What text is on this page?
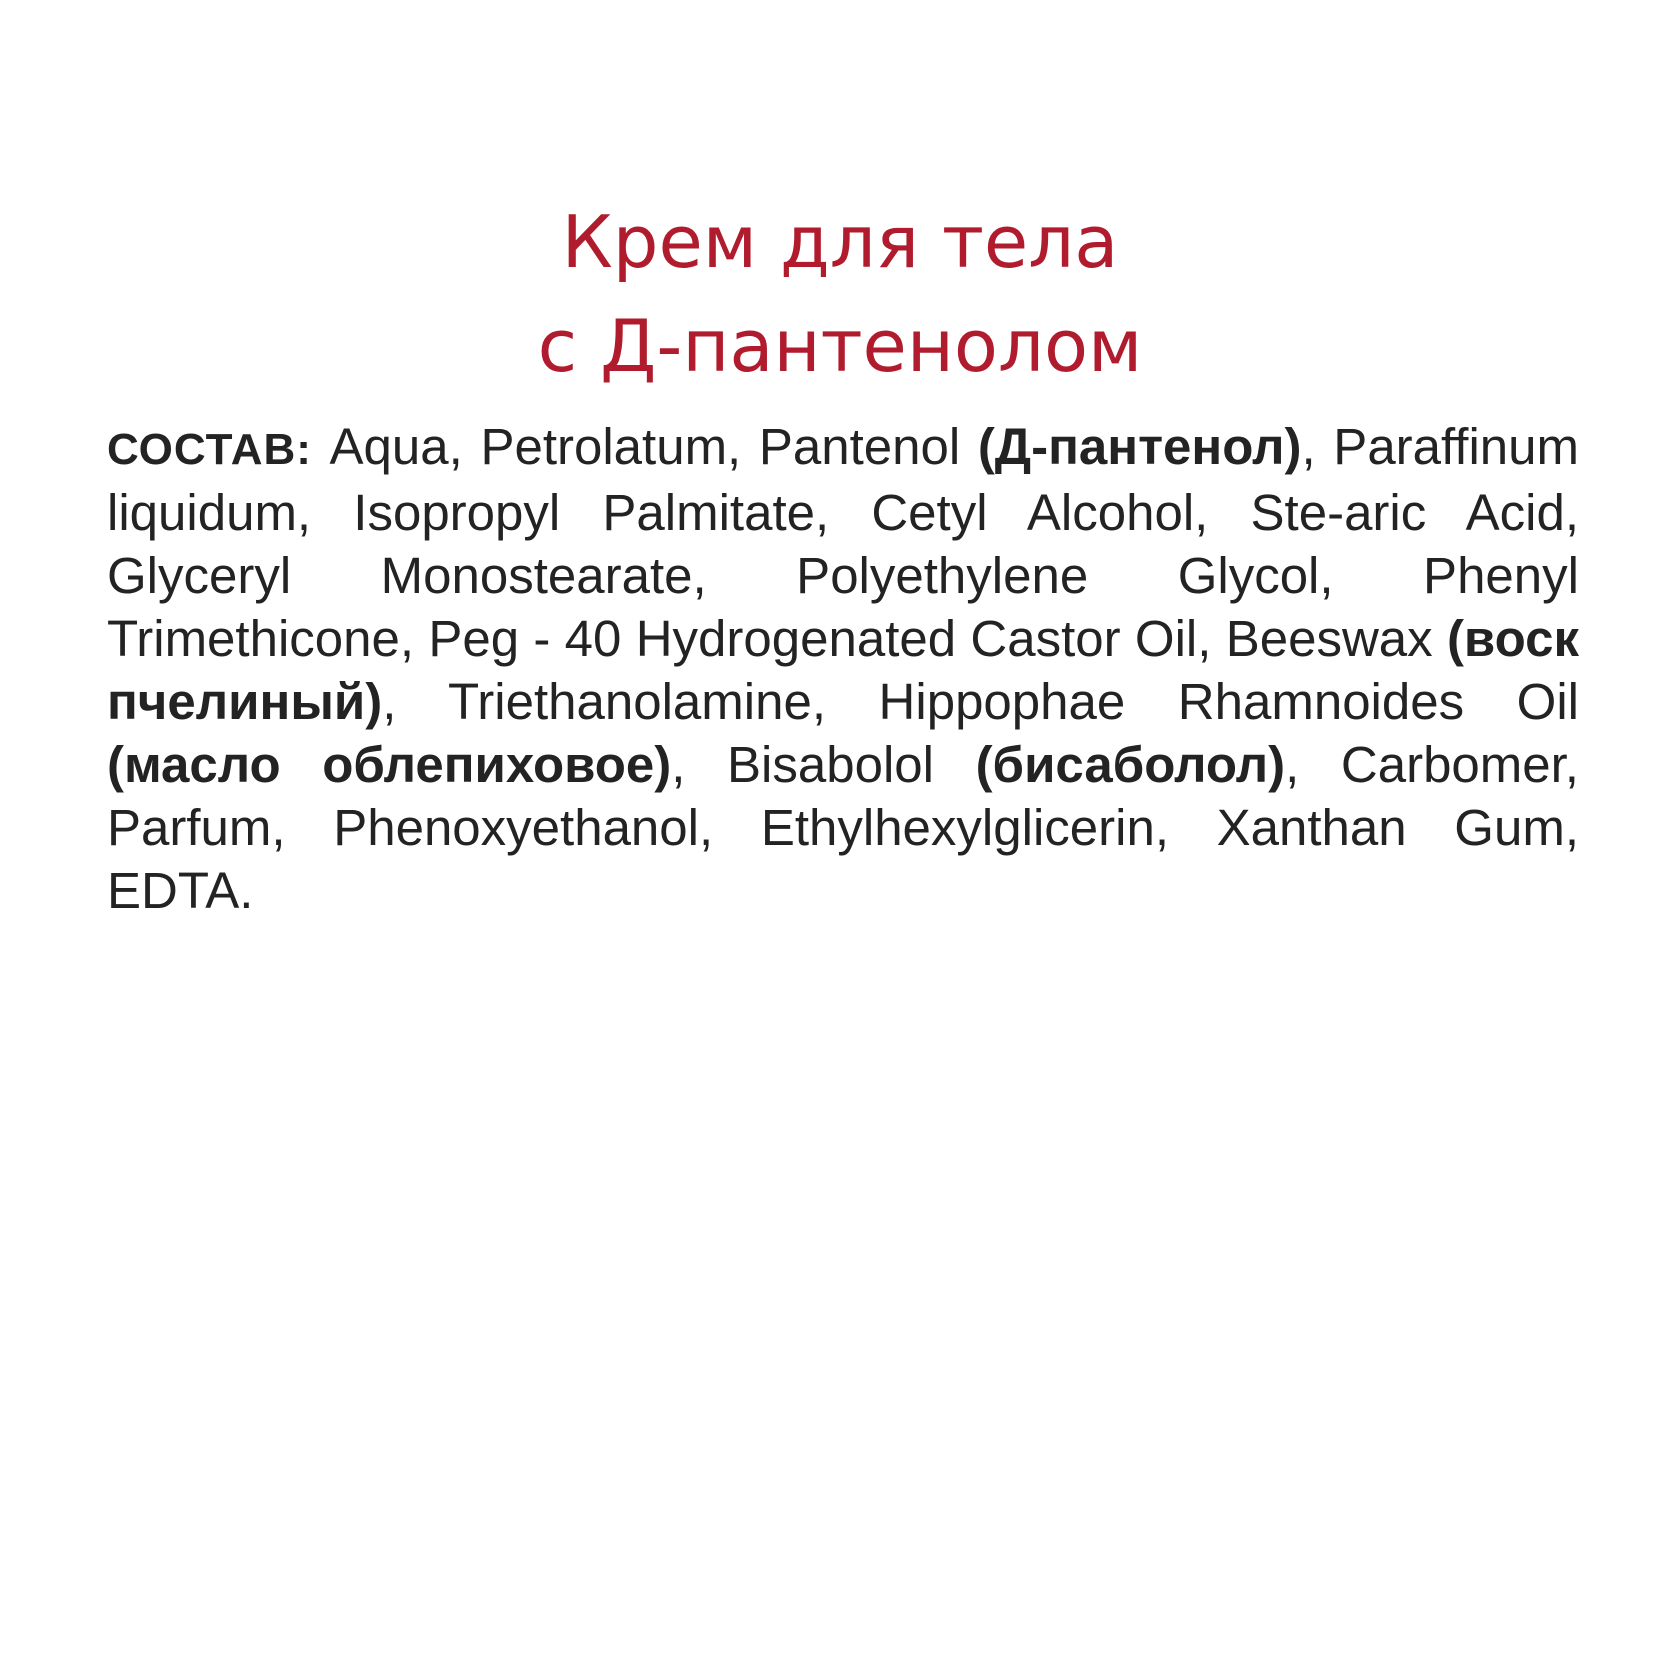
Крем для тела
с Д-пантенолом
СОСТАВ: Aqua, Petrolatum, Pantenol (Д-пантенол), Paraffinum liquidum, Isopropyl Palmitate, Cetyl Alcohol, Ste-aric Acid, Glyceryl Monostearate, Polyethylene Glycol, Phenyl Trimethicone, Peg - 40 Hydrogenated Castor Oil, Beeswax (воск пчелиный), Triethanolamine, Hippophae Rhamnoides Oil (масло облепиховое), Bisabolol (бисаболол), Carbomer, Parfum, Phenoxyethanol, Ethylhexylglicerin, Xanthan Gum, EDTA.
